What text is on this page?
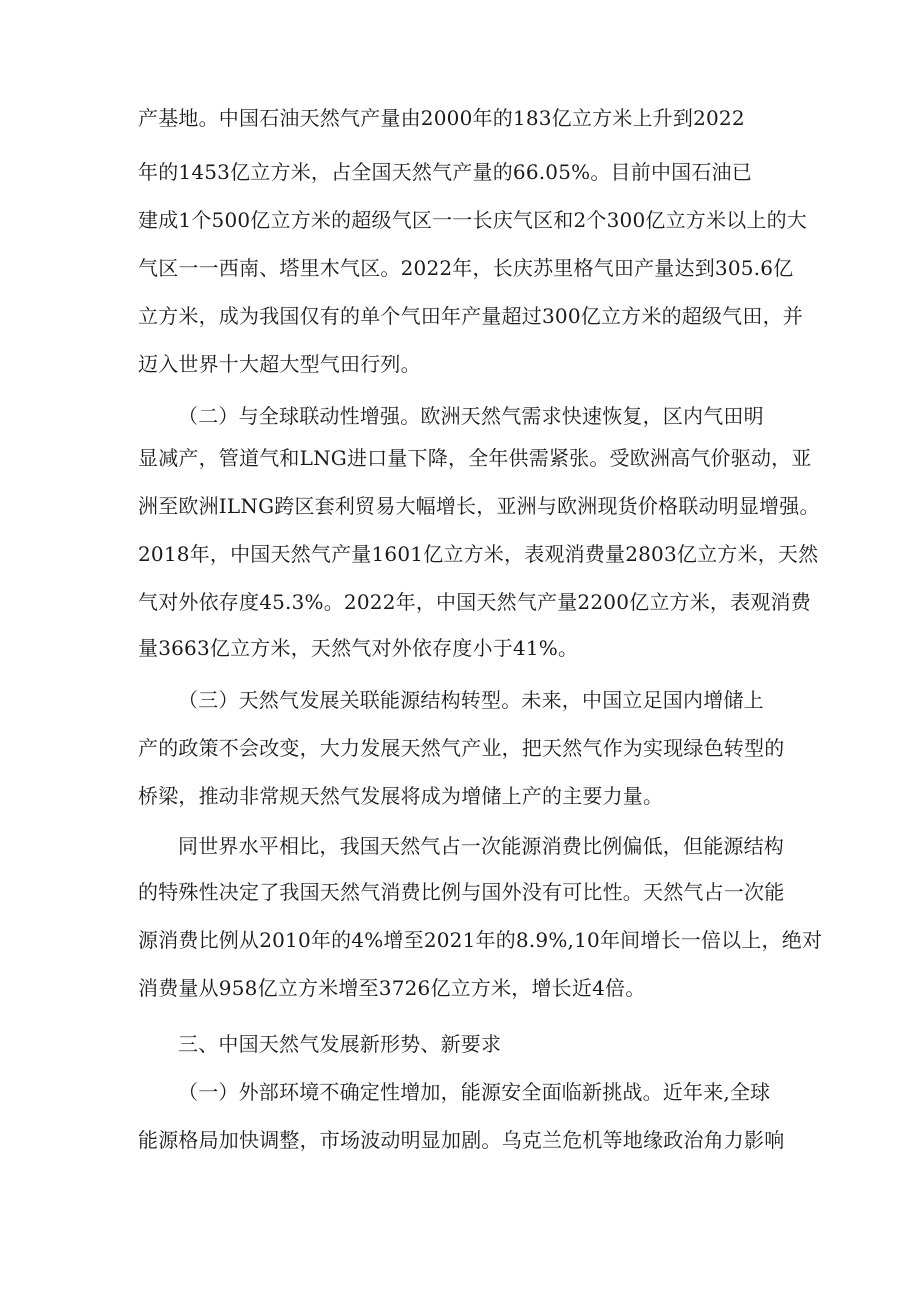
产基地。中国石油天然气产量由2000年的183亿立方米上升到2022
年的1453亿立方米，占全国天然气产量的66.05%。目前中国石油已
建成1个500亿立方米的超级气区一一长庆气区和2个300亿立方米以上的大
气区一一西南、塔里木气区。2022年，长庆苏里格气田产量达到305.6亿
立方米，成为我国仅有的单个气田年产量超过300亿立方米的超级气田，并
迈入世界十大超大型气田行列。
（二）与全球联动性增强。欧洲天然气需求快速恢复，区内气田明
显减产，管道气和LNG进口量下降，全年供需紧张。受欧洲高气价驱动，亚
洲至欧洲ILNG跨区套利贸易大幅增长，亚洲与欧洲现货价格联动明显增强。
2018年，中国天然气产量1601亿立方米，表观消费量2803亿立方米，天然
气对外依存度45.3%。2022年，中国天然气产量2200亿立方米，表观消费
量3663亿立方米，天然气对外依存度小于41%。
（三）天然气发展关联能源结构转型。未来，中国立足国内增储上
产的政策不会改变，大力发展天然气产业，把天然气作为实现绿色转型的
桥梁，推动非常规天然气发展将成为增储上产的主要力量。
同世界水平相比，我国天然气占一次能源消费比例偏低，但能源结构
的特殊性决定了我国天然气消费比例与国外没有可比性。天然气占一次能
源消费比例从2010年的4%增至2021年的8.9%,10年间增长一倍以上，绝对
消费量从958亿立方米增至3726亿立方米，增长近4倍。
三、中国天然气发展新形势、新要求
（一）外部环境不确定性增加，能源安全面临新挑战。近年来,全球
能源格局加快调整，市场波动明显加剧。乌克兰危机等地缘政治角力影响
